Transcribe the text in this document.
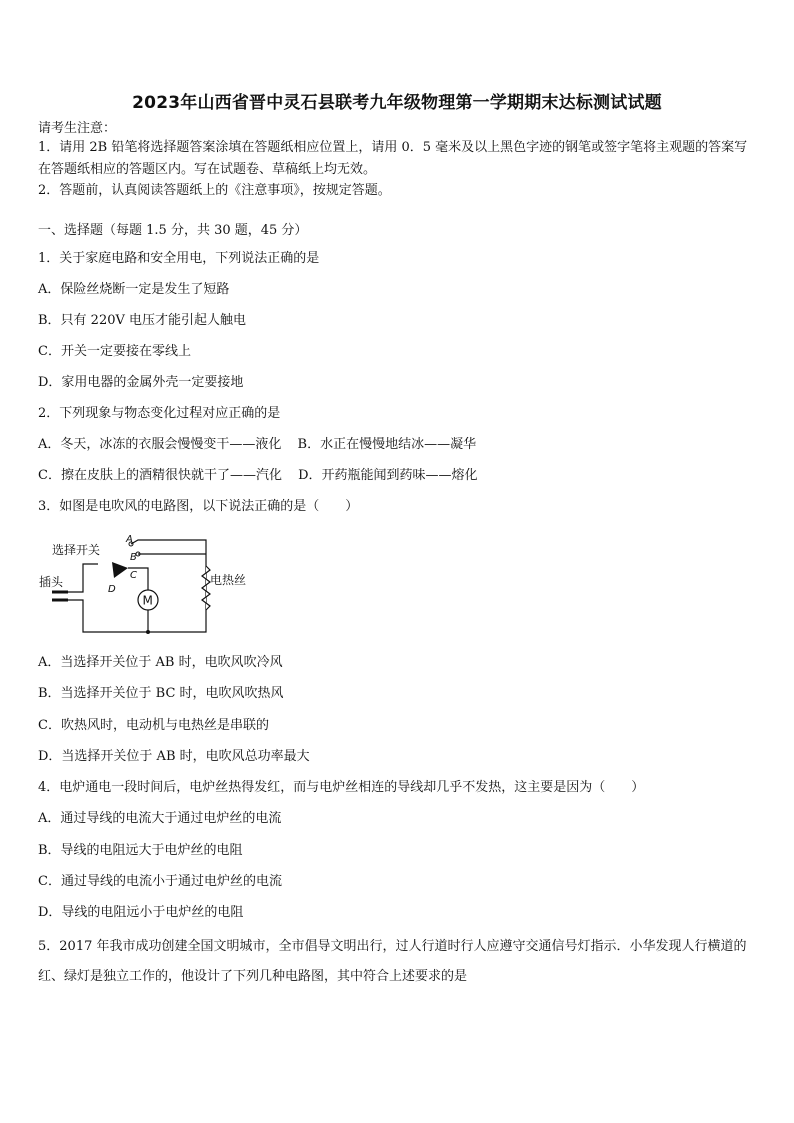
2023年山西省晋中灵石县联考九年级物理第一学期期末达标测试试题
请考生注意：
1．请用 2B 铅笔将选择题答案涂填在答题纸相应位置上，请用 0．5 毫米及以上黑色字迹的钢笔或签字笔将主观题的答案写在答题纸相应的答题区内。写在试题卷、草稿纸上均无效。
2．答题前，认真阅读答题纸上的《注意事项》，按规定答题。
一、选择题（每题 1.5 分，共 30 题，45 分）
1．关于家庭电路和安全用电，下列说法正确的是
A．保险丝烧断一定是发生了短路
B．只有 220V 电压才能引起人触电
C．开关一定要接在零线上
D．家用电器的金属外壳一定要接地
2．下列现象与物态变化过程对应正确的是
A．冬天，冰冻的衣服会慢慢变干——液化 B．水正在慢慢地结冰——凝华
C．擦在皮肤上的酒精很快就干了——汽化 D．开药瓶能闻到药味——熔化
3．如图是电吹风的电路图，以下说法正确的是（　　）
选择开关
插头	电热丝
A
B
C
D
M
A．当选择开关位于 AB 时，电吹风吹冷风
B．当选择开关位于 BC 时，电吹风吹热风
C．吹热风时，电动机与电热丝是串联的
D．当选择开关位于 AB 时，电吹风总功率最大
4．电炉通电一段时间后，电炉丝热得发红，而与电炉丝相连的导线却几乎不发热，这主要是因为（　　）
A．通过导线的电流大于通过电炉丝的电流
B．导线的电阻远大于电炉丝的电阻
C．通过导线的电流小于通过电炉丝的电流
D．导线的电阻远小于电炉丝的电阻
5．2017 年我市成功创建全国文明城市，全市倡导文明出行，过人行道时行人应遵守交通信号灯指示．小华发现人行横道的红、绿灯是独立工作的，他设计了下列几种电路图，其中符合上述要求的是
